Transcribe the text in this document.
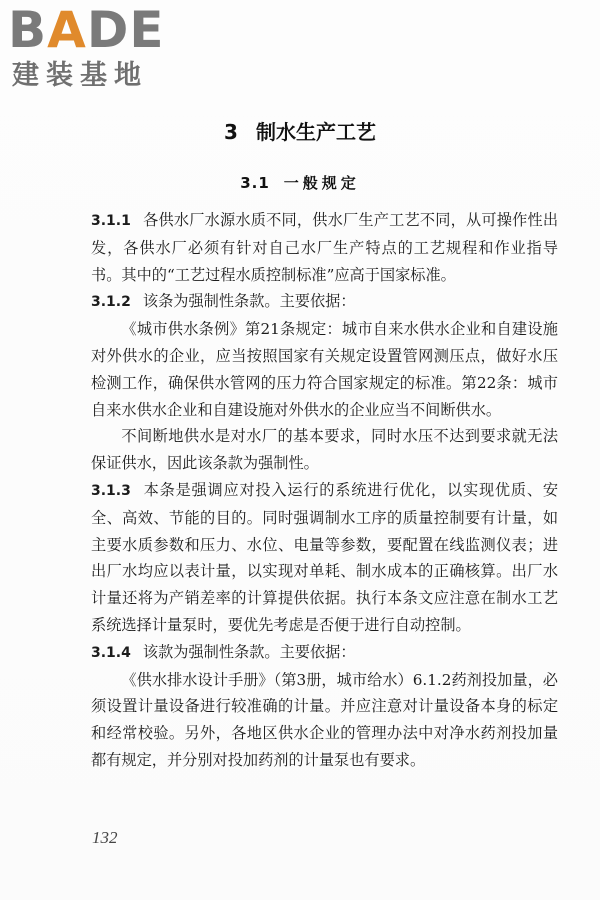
BADE
建装基地
3 制水生产工艺
3.1 一般规定

3.1.1 各供水厂水源水质不同，供水厂生产工艺不同，从可操作性出发，各供水厂必须有针对自己水厂生产特点的工艺规程和作业指导书。其中的“工艺过程水质控制标准”应高于国家标准。

3.1.2 该条为强制性条款。主要依据：

《城市供水条例》第21条规定：城市自来水供水企业和自建设施对外供水的企业，应当按照国家有关规定设置管网测压点，做好水压检测工作，确保供水管网的压力符合国家规定的标准。第22条：城市自来水供水企业和自建设施对外供水的企业应当不间断供水。

不间断地供水是对水厂的基本要求，同时水压不达到要求就无法保证供水，因此该条款为强制性。

3.1.3 本条是强调应对投入运行的系统进行优化，以实现优质、安全、高效、节能的目的。同时强调制水工序的质量控制要有计量，如主要水质参数和压力、水位、电量等参数，要配置在线监测仪表；进出厂水均应以表计量，以实现对单耗、制水成本的正确核算。出厂水计量还将为产销差率的计算提供依据。执行本条文应注意在制水工艺系统选择计量泵时，要优先考虑是否便于进行自动控制。

3.1.4 该款为强制性条款。主要依据：

《供水排水设计手册》（第3册，城市给水）6.1.2药剂投加量，必须设置计量设备进行较准确的计量。并应注意对计量设备本身的标定和经常校验。另外，各地区供水企业的管理办法中对净水药剂投加量都有规定，并分别对投加药剂的计量泵也有要求。

132
